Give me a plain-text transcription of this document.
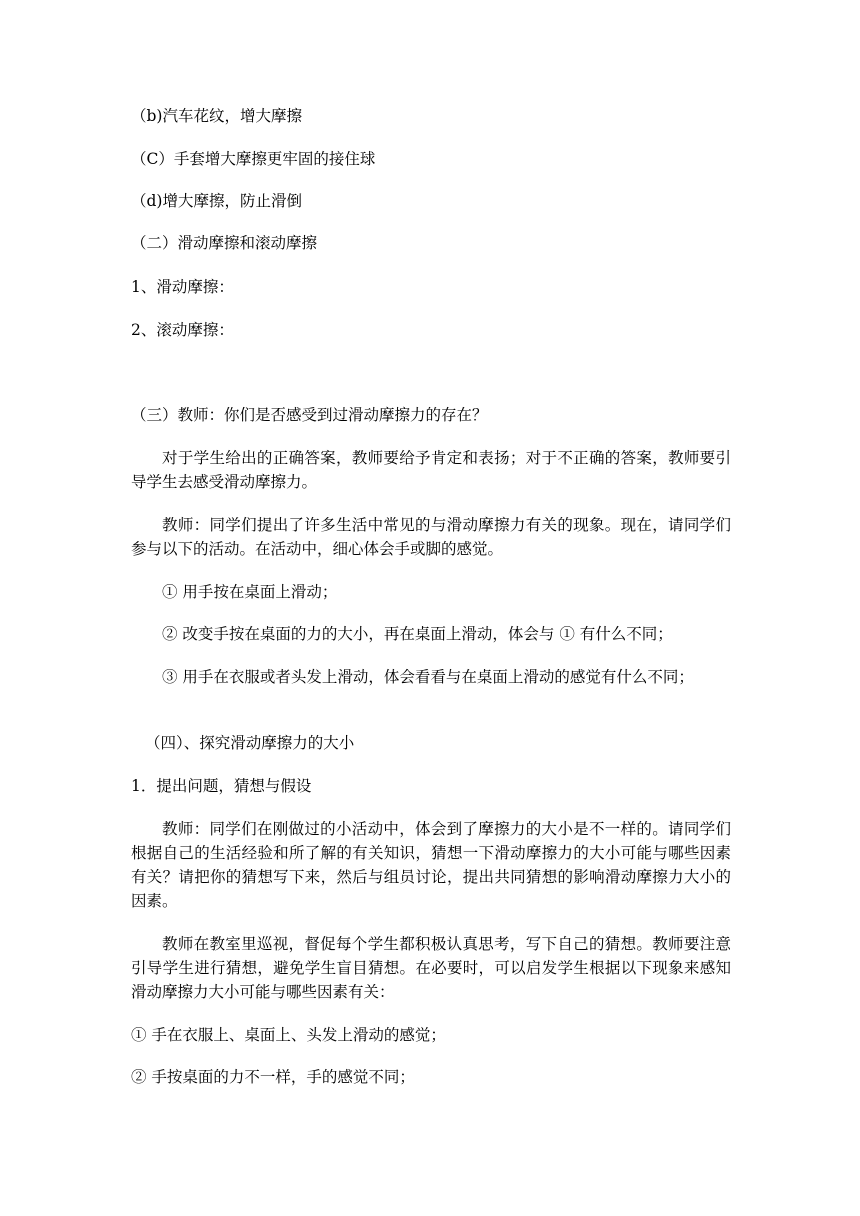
（b)汽车花纹，增大摩擦

（C）手套增大摩擦更牢固的接住球

（d)增大摩擦，防止滑倒

（二）滑动摩擦和滚动摩擦

1、滑动摩擦：

2、滚动摩擦：

（三）教师：你们是否感受到过滑动摩擦力的存在？

对于学生给出的正确答案，教师要给予肯定和表扬；对于不正确的答案，教师要引导学生去感受滑动摩擦力。

教师：同学们提出了许多生活中常见的与滑动摩擦力有关的现象。现在，请同学们参与以下的活动。在活动中，细心体会手或脚的感觉。

① 用手按在桌面上滑动；

② 改变手按在桌面的力的大小，再在桌面上滑动，体会与 ① 有什么不同；

③ 用手在衣服或者头发上滑动，体会看看与在桌面上滑动的感觉有什么不同；

（四）、探究滑动摩擦力的大小

1．提出问题，猜想与假设

教师：同学们在刚做过的小活动中，体会到了摩擦力的大小是不一样的。请同学们根据自己的生活经验和所了解的有关知识，猜想一下滑动摩擦力的大小可能与哪些因素有关？请把你的猜想写下来，然后与组员讨论，提出共同猜想的影响滑动摩擦力大小的因素。

教师在教室里巡视，督促每个学生都积极认真思考，写下自己的猜想。教师要注意引导学生进行猜想，避免学生盲目猜想。在必要时，可以启发学生根据以下现象来感知滑动摩擦力大小可能与哪些因素有关：

① 手在衣服上、桌面上、头发上滑动的感觉；

② 手按桌面的力不一样，手的感觉不同；
